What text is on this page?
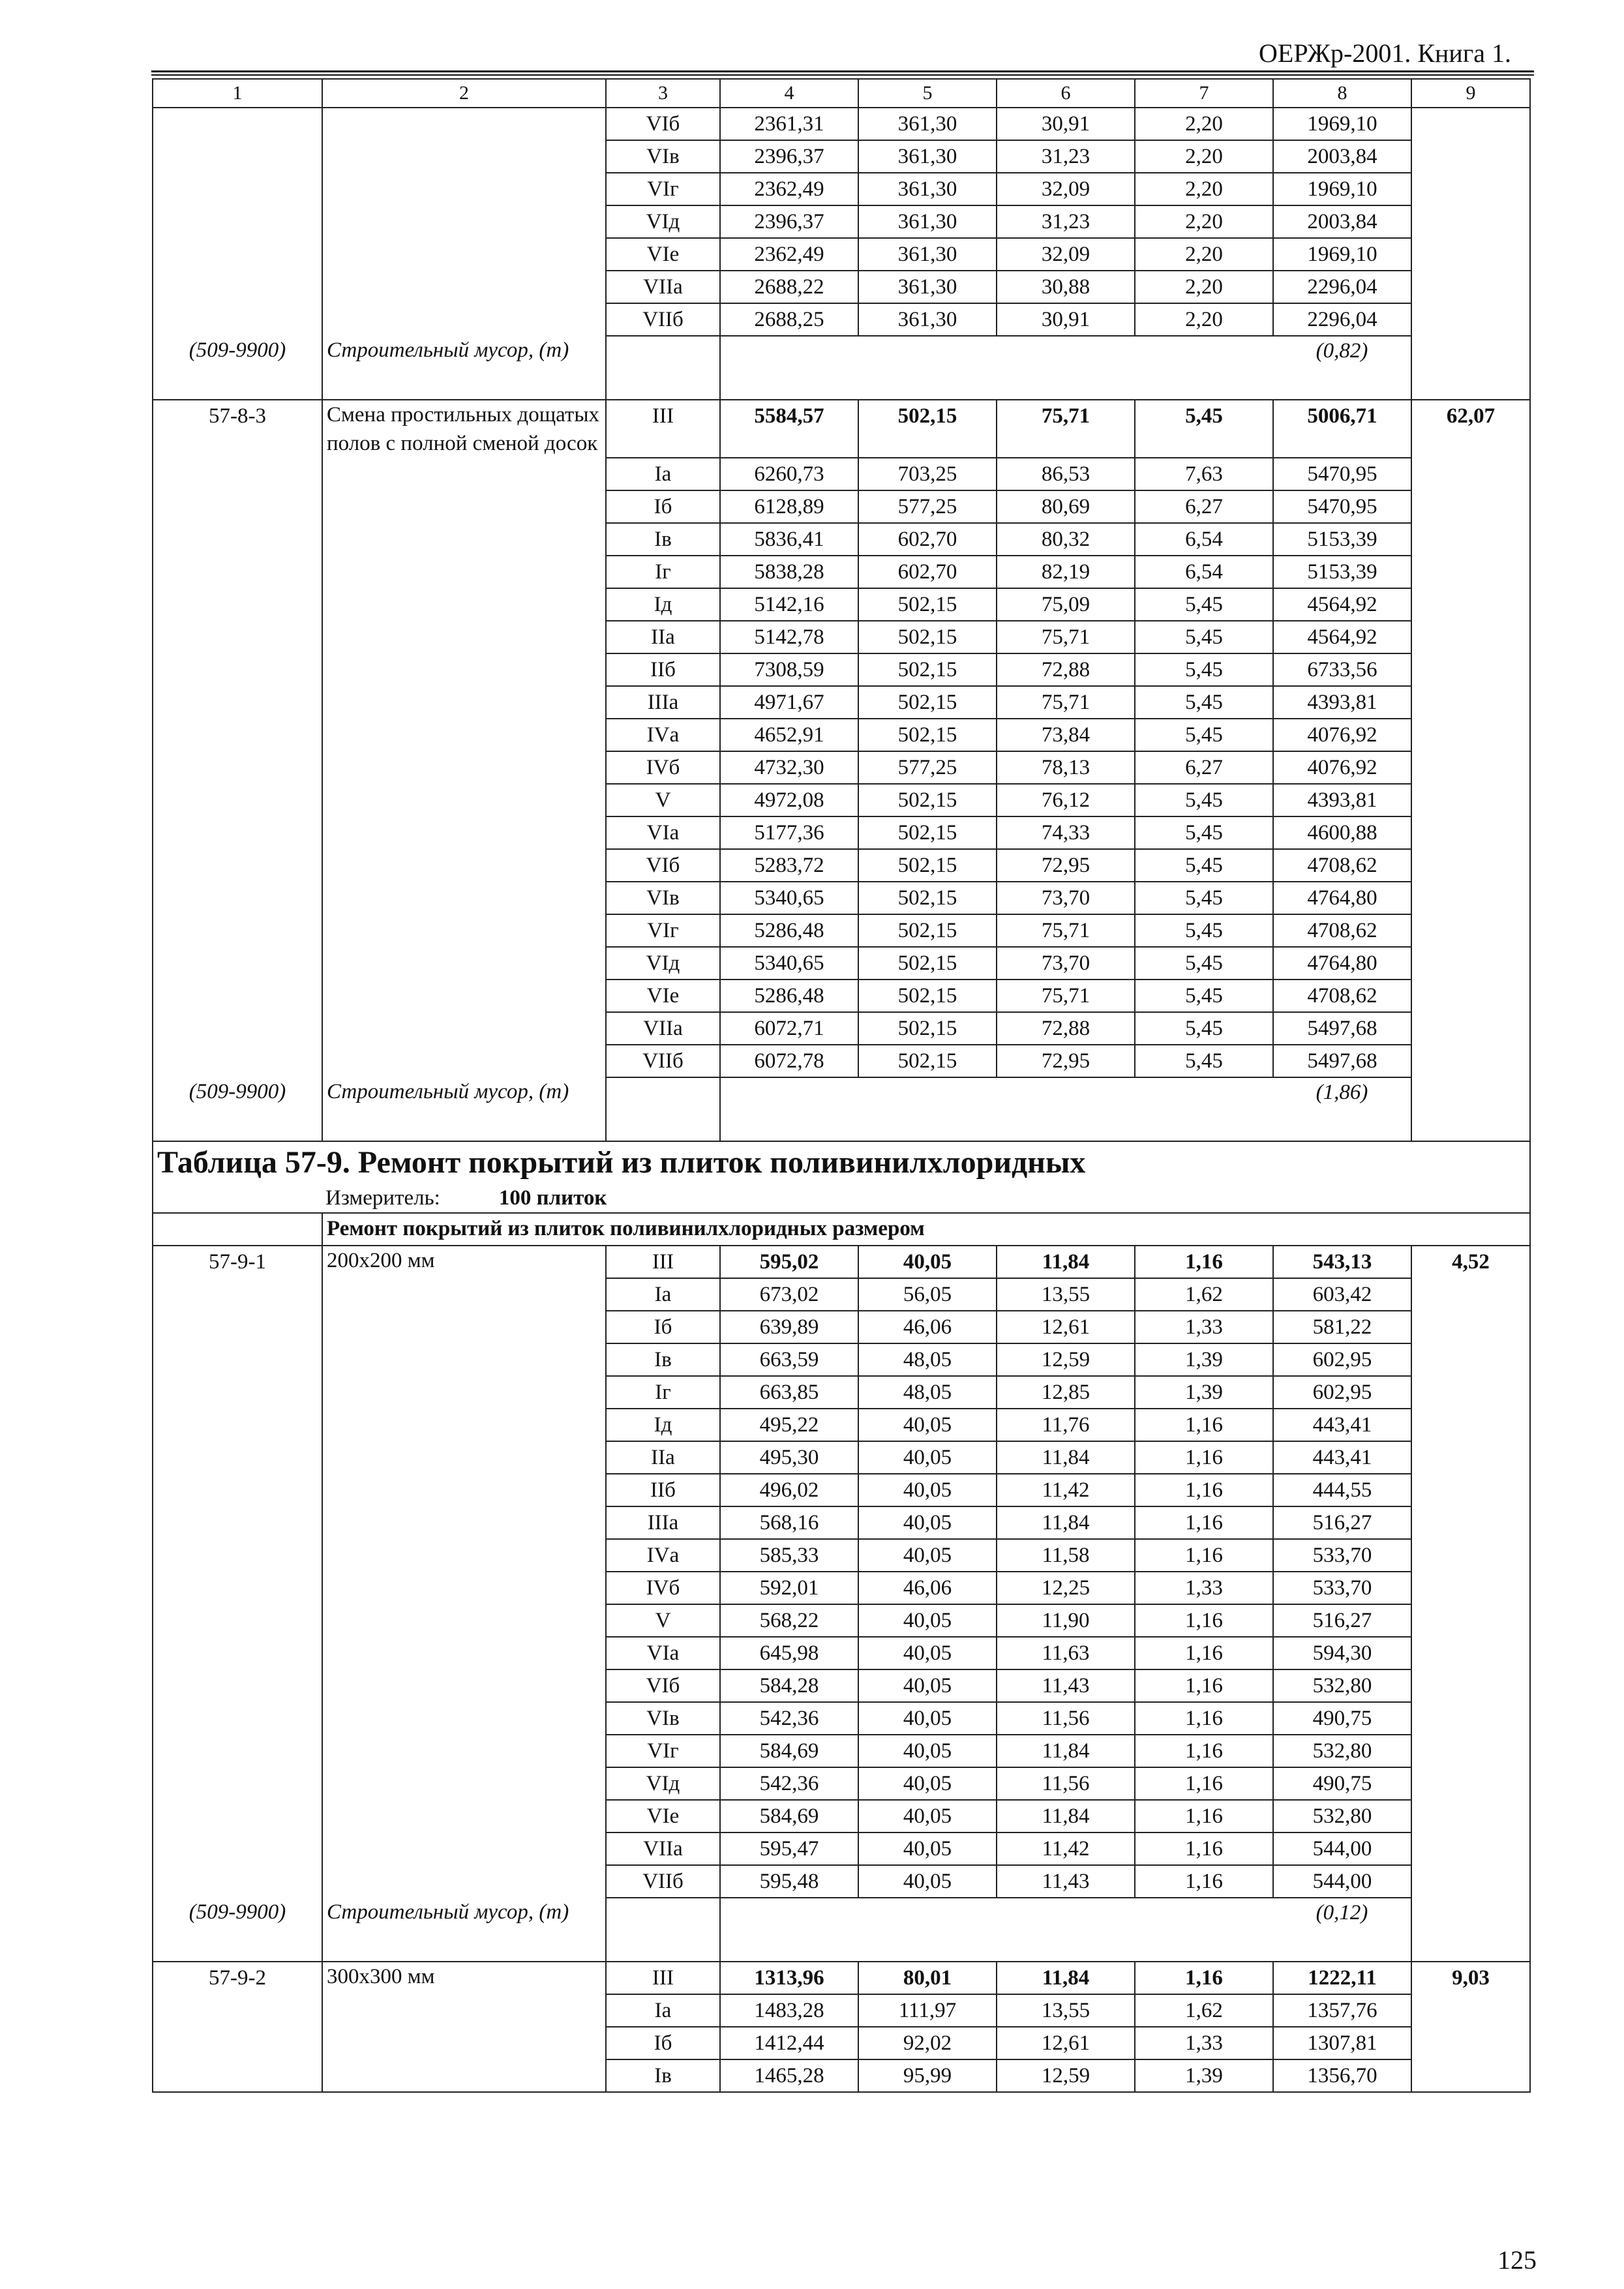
ОЕРЖр-2001. Книга 1.
1	2	3	4	5	6	7	8	9
		VIб	2361,31	361,30	30,91	2,20	1969,10	
		VIв	2396,37	361,30	31,23	2,20	2003,84	
		VIг	2362,49	361,30	32,09	2,20	1969,10	
		VIд	2396,37	361,30	31,23	2,20	2003,84	
		VIе	2362,49	361,30	32,09	2,20	1969,10	
		VIIа	2688,22	361,30	30,88	2,20	2296,04	
		VIIб	2688,25	361,30	30,91	2,20	2296,04	
(509-9900)	Строительный мусор, (т)						(0,82)	
57-8-3	Смена простильных дощатых полов с полной сменой досок	III	5584,57	502,15	75,71	5,45	5006,71	62,07
		Iа	6260,73	703,25	86,53	7,63	5470,95	
		Iб	6128,89	577,25	80,69	6,27	5470,95	
		Iв	5836,41	602,70	80,32	6,54	5153,39	
		Iг	5838,28	602,70	82,19	6,54	5153,39	
		Iд	5142,16	502,15	75,09	5,45	4564,92	
		IIа	5142,78	502,15	75,71	5,45	4564,92	
		IIб	7308,59	502,15	72,88	5,45	6733,56	
		IIIа	4971,67	502,15	75,71	5,45	4393,81	
		IVа	4652,91	502,15	73,84	5,45	4076,92	
		IVб	4732,30	577,25	78,13	6,27	4076,92	
		V	4972,08	502,15	76,12	5,45	4393,81	
		VIа	5177,36	502,15	74,33	5,45	4600,88	
		VIб	5283,72	502,15	72,95	5,45	4708,62	
		VIв	5340,65	502,15	73,70	5,45	4764,80	
		VIг	5286,48	502,15	75,71	5,45	4708,62	
		VIд	5340,65	502,15	73,70	5,45	4764,80	
		VIе	5286,48	502,15	75,71	5,45	4708,62	
		VIIа	6072,71	502,15	72,88	5,45	5497,68	
		VIIб	6072,78	502,15	72,95	5,45	5497,68	
(509-9900)	Строительный мусор, (т)						(1,86)	
Таблица 57-9. Ремонт покрытий из плиток поливинилхлоридных								
Измеритель: 100 плиток								
	Ремонт покрытий из плиток поливинилхлоридных размером							
57-9-1	200х200 мм	III	595,02	40,05	11,84	1,16	543,13	4,52
		Iа	673,02	56,05	13,55	1,62	603,42	
		Iб	639,89	46,06	12,61	1,33	581,22	
		Iв	663,59	48,05	12,59	1,39	602,95	
		Iг	663,85	48,05	12,85	1,39	602,95	
		Iд	495,22	40,05	11,76	1,16	443,41	
		IIа	495,30	40,05	11,84	1,16	443,41	
		IIб	496,02	40,05	11,42	1,16	444,55	
		IIIа	568,16	40,05	11,84	1,16	516,27	
		IVа	585,33	40,05	11,58	1,16	533,70	
		IVб	592,01	46,06	12,25	1,33	533,70	
		V	568,22	40,05	11,90	1,16	516,27	
		VIа	645,98	40,05	11,63	1,16	594,30	
		VIб	584,28	40,05	11,43	1,16	532,80	
		VIв	542,36	40,05	11,56	1,16	490,75	
		VIг	584,69	40,05	11,84	1,16	532,80	
		VIд	542,36	40,05	11,56	1,16	490,75	
		VIе	584,69	40,05	11,84	1,16	532,80	
		VIIа	595,47	40,05	11,42	1,16	544,00	
		VIIб	595,48	40,05	11,43	1,16	544,00	
(509-9900)	Строительный мусор, (т)						(0,12)	
57-9-2	300х300 мм	III	1313,96	80,01	11,84	1,16	1222,11	9,03
		Iа	1483,28	111,97	13,55	1,62	1357,76	
		Iб	1412,44	92,02	12,61	1,33	1307,81	
		Iв	1465,28	95,99	12,59	1,39	1356,70	
125
